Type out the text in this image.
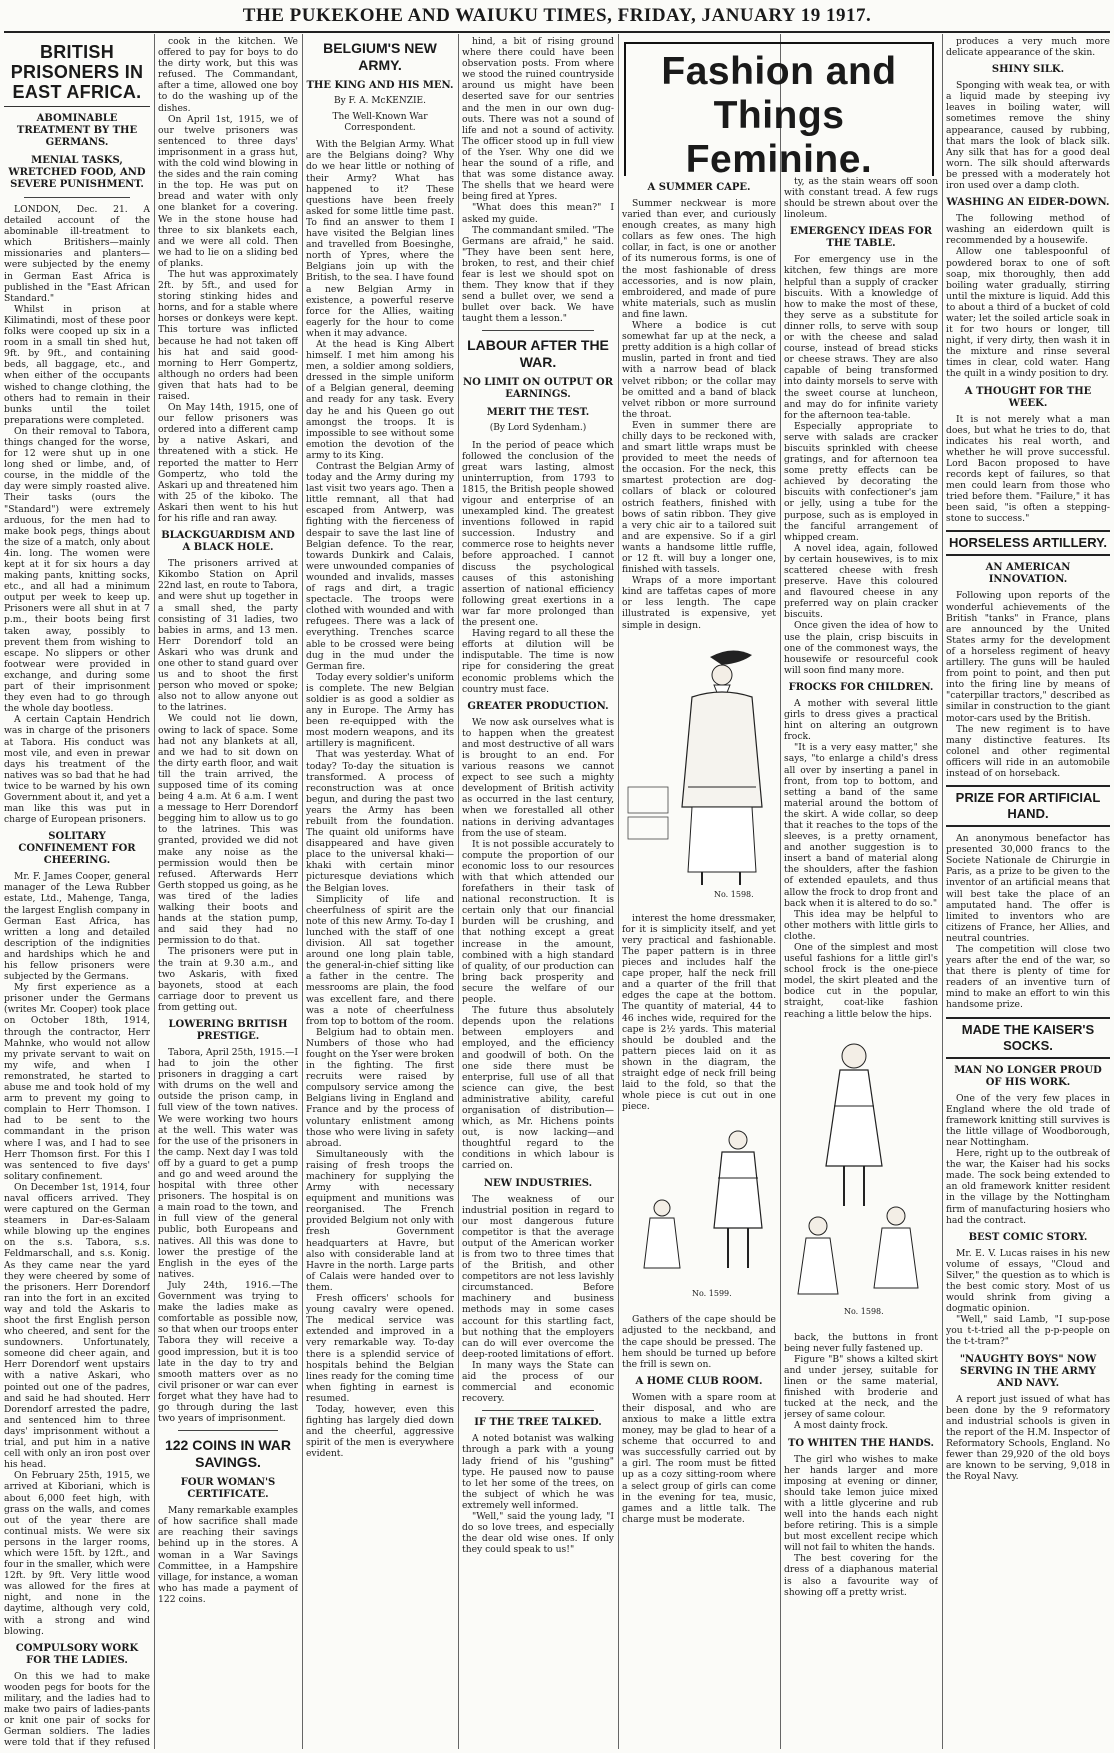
THE PUKEKOHE AND WAIUKU TIMES, FRIDAY, JANUARY 19 1917.
BRITISH PRISONERS IN EAST AFRICA.
ABOMINABLE TREATMENT BY THE GERMANS.
MENIAL TASKS, WRETCHED FOOD, AND SEVERE PUNISHMENT.

LONDON, Dec. 21. A detailed account of the abominable ill-treatment to which Britishers—mainly missionaries and planters—were subjected by the enemy in German East Africa is published in the "East African Standard."

Whilst in prison at Kilimatindi, most of these poor folks were cooped up six in a room in a small tin shed hut, 9ft. by 9ft., and containing beds, all baggage, etc., and when either of the occupants wished to change clothing, the others had to remain in their bunks until the toilet preparations were completed.

On their removal to Tabora, things changed for the worse, for 12 were shut up in one long shed or limbe, and, of course, in the middle of the day were simply roasted alive. Their tasks (ours the "Standard") were extremely arduous, for the men had to make book pegs, things about the size of a match, only about 4in. long. The women were kept at it for six hours a day making pants, knitting socks, etc., and all had a minimum output per week to keep up. Prisoners were all shut in at 7 p.m., their boots being first taken away, possibly to prevent them from wishing to escape. No slippers or other footwear were provided in exchange, and during some part of their imprisonment they even had to go through the whole day bootless.

A certain Captain Hendrich was in charge of the prisoners at Tabora. His conduct was most vile, and even in prewar days his treatment of the natives was so bad that he had twice to be warned by his own Government about it, and yet a man like this was put in charge of European prisoners.

SOLITARY CONFINEMENT FOR CHEERING.

Mr. F. James Cooper, general manager of the Lewa Rubber estate, Ltd., Mahenge, Tanga, the largest English company in German East Africa, has written a long and detailed description of the indignities and hardships which he and his fellow prisoners were subjected by the Germans.

My first experience as a prisoner under the Germans (writes Mr. Cooper) took place on October 18th, 1914, through the contractor, Herr Mahnke, who would not allow my private servant to wait on my wife, and when I remonstrated, he started to abuse me and took hold of my arm to prevent my going to complain to Herr Thomson. I had to be sent to the commandant in the prison where I was, and I had to see Herr Thomson first. For this I was sentenced to five days' solitary confinement.

On December 1st, 1914, four naval officers arrived. They were captured on the German steamers in Dar-es-Salaam while blowing up the engines on the s.s. Tabora, s.s. Feldmarschall, and s.s. Konig. As they came near the yard they were cheered by some of the prisoners. Herr Dorendorf ran into the fort in an excited way and told the Askaris to shoot the first English person who cheered, and sent for the sundowners. Unfortunately, someone did cheer again, and Herr Dorendorf went upstairs with a native Askari, who pointed out one of the padres, and said he had shouted. Herr Dorendorf arrested the padre, and sentenced him to three days' imprisonment without a trial, and put him in a native cell with only an iron post over his head.

On February 25th, 1915, we arrived at Kiboriani, which is about 6,000 feet high, with grass on the walls, and comes out of the year there are continual mists. We were six persons in the larger rooms, which were 15ft. by 12ft., and four in the smaller, which were 12ft. by 9ft. Very little wood was allowed for the fires at night, and none in the daytime, although very cold, with a strong and wind blowing.

COMPULSORY WORK FOR THE LADIES.

On this we had to make wooden pegs for boots for the military, and the ladies had to make two pairs of ladies-pants or knit one pair of socks for German soldiers. The ladies were told that if they refused

cook in the kitchen. We offered to pay for boys to do the dirty work, but this was refused. The Commandant, after a time, allowed one boy to do the washing up of the dishes.

On April 1st, 1915, we of our twelve prisoners was sentenced to three days' imprisonment in a grass hut, with the cold wind blowing in the sides and the rain coming in the top. He was put on bread and water with only one blanket for a covering. We in the stone house had three to six blankets each, and we were all cold. Then we had to lie on a sliding bed of planks.

The hut was approximately 2ft. by 5ft., and used for storing stinking hides and horns, and for a stable where horses or donkeys were kept. This torture was inflicted because he had not taken off his hat and said good-morning to Herr Gompertz, although no orders had been given that hats had to be raised.

On May 14th, 1915, one of our fellow prisoners was ordered into a different camp by a native Askari, and threatened with a stick. He reported the matter to Herr Gompertz, who told the Askari up and threatened him with 25 of the kiboko. The Askari then went to his hut for his rifle and ran away.

BLACKGUARDISM AND A BLACK HOLE.

The prisoners arrived at Kikombo Station on April 22nd last, en route to Tabora, and were shut up together in a small shed, the party consisting of 31 ladies, two babies in arms, and 13 men. Herr Dorendorf told an Askari who was drunk and one other to stand guard over us and to shoot the first person who moved or spoke; also not to allow anyone out to the latrines.

We could not lie down, owing to lack of space. Some had not any blankets at all, and we had to sit down on the dirty earth floor, and wait till the train arrived, the supposed time of its coming being 4 a.m. At 6 a.m. I went a message to Herr Dorendorf begging him to allow us to go to the latrines. This was granted, provided we did not make any noise as the permission would then be refused. Afterwards Herr Gerth stopped us going, as he was tired of the ladies walking their boots and hands at the station pump, and said they had no permission to do that.

The prisoners were put in the train at 9.30 a.m., and two Askaris, with fixed bayonets, stood at each carriage door to prevent us from getting out.

LOWERING BRITISH PRESTIGE.

Tabora, April 25th, 1915.—I had to join the other prisoners in dragging a cart with drums on the well and outside the prison camp, in full view of the town natives. We were working two hours at the well. This water was for the use of the prisoners in the camp. Next day I was told off by a guard to get a pump and go and weed around the hospital with three other prisoners. The hospital is on a main road to the town, and in full view of the general public, both Europeans and natives. All this was done to lower the prestige of the English in the eyes of the natives.

July 24th, 1916.—The Government was trying to make the ladies make as comfortable as possible now, so that when our troops enter Tabora they will receive a good impression, but it is too late in the day to try and smooth matters over as no civil prisoner or war can ever forget what they have had to go through during the last two years of imprisonment.

122 COINS IN WAR SAVINGS.
FOUR WOMAN'S CERTIFICATE.

Many remarkable examples of how sacrifice shall made are reaching their savings behind up in the stores. A woman in a War Savings Committee, in a Hampshire village, for instance, a woman who has made a payment of 122 coins.

BELGIUM'S NEW ARMY.
THE KING AND HIS MEN.
By F. A. McKENZIE.
The Well-Known War Correspondent.

With the Belgian Army. What are the Belgians doing? Why do we hear little or nothing of their Army? What has happened to it? These questions have been freely asked for some little time past. To find an answer to them I have visited the Belgian lines and travelled from Boesinghe, north of Ypres, where the Belgians join up with the British, to the sea. I have found a new Belgian Army in existence, a powerful reserve force for the Allies, waiting eagerly for the hour to come when it may advance.

At the head is King Albert himself. I met him among his men, a soldier among soldiers, dressed in the simple uniform of a Belgian general, deeming and ready for any task. Every day he and his Queen go out amongst the troops. It is impossible to see without some emotion the devotion of the army to its King.

Contrast the Belgian Army of today and the Army during my last visit two years ago. Then a little remnant, all that had escaped from Antwerp, was fighting with the fierceness of despair to save the last line of Belgian defence. To the rear, towards Dunkirk and Calais, were unwounded companies of wounded and invalids, masses of rags and dirt, a tragic spectacle. The troops were clothed with wounded and with refugees. There was a lack of everything. Trenches scarce able to be crossed were being dug in the mud under the German fire.

Today every soldier's uniform is complete. The new Belgian soldier is as good a soldier as any in Europe. The Army has been re-equipped with the most modern weapons, and its artillery is magnificent.

That was yesterday. What of today? To-day the situation is transformed. A process of reconstruction was at once begun, and during the past two years the Army has been rebuilt from the foundation. The quaint old uniforms have disappeared and have given place to the universal khaki—khaki with certain minor picturesque deviations which the Belgian loves.

Simplicity of life and cheerfulness of spirit are the note of this new Army. To-day I lunched with the staff of one division. All sat together around one long plain table, the general-in-chief sitting like a father in the centre. The messrooms are plain, the food was excellent fare, and there was a note of cheerfulness from top to bottom of the room.

Belgium had to obtain men. Numbers of those who had fought on the Yser were broken in the fighting. The first recruits were raised by compulsory service among the Belgians living in England and France and by the process of voluntary enlistment among those who were living in safety abroad.

Simultaneously with the raising of fresh troops the machinery for supplying the Army with necessary equipment and munitions was reorganised. The French provided Belgium not only with fresh Government headquarters at Havre, but also with considerable land at Havre in the north. Large parts of Calais were handed over to them.

Fresh officers' schools for young cavalry were opened. The medical service was extended and improved in a very remarkable way. To-day there is a splendid service of hospitals behind the Belgian lines ready for the coming time when fighting in earnest is resumed.

Today, however, even this fighting has largely died down and the cheerful, aggressive spirit of the men is everywhere evident.

hind, a bit of rising ground where there could have been observation posts. From where we stood the ruined countryside around us might have been deserted save for our sentries and the men in our own dug-outs. There was not a sound of life and not a sound of activity. The officer stood up in full view of the Yser. Why one did we hear the sound of a rifle, and that was some distance away. The shells that we heard were being fired at Ypres.

"What does this mean?" I asked my guide.

The commandant smiled. "The Germans are afraid," he said. "They have been sent here, broken, to rest, and their chief fear is lest we should spot on them. They know that if they send a bullet over, we send a bullet over back. We have taught them a lesson."

LABOUR AFTER THE WAR.
NO LIMIT ON OUTPUT OR EARNINGS.
MERIT THE TEST.
(By Lord Sydenham.)

In the period of peace which followed the conclusion of the great wars lasting, almost uninterruption, from 1793 to 1815, the British people showed vigour and enterprise of an unexampled kind. The greatest inventions followed in rapid succession. Industry and commerce rose to heights never before approached. I cannot discuss the psychological causes of this astonishing assertion of national efficiency following great exertions in a war far more prolonged than the present one.

Having regard to all these the efforts at dilution will be indisputable. The time is now ripe for considering the great economic problems which the country must face.

GREATER PRODUCTION.

We now ask ourselves what is to happen when the greatest and most destructive of all wars is brought to an end. For various reasons we cannot expect to see such a mighty development of British activity as occurred in the last century, when we forestalled all other nations in deriving advantages from the use of steam.

It is not possible accurately to compute the proportion of our economic loss to our resources with that which attended our forefathers in their task of national reconstruction. It is certain only that our financial burden will be crushing, and that nothing except a great increase in the amount, combined with a high standard of quality, of our production can bring back prosperity and secure the welfare of our people.

The future thus absolutely depends upon the relations between employers and employed, and the efficiency and goodwill of both. On the one side there must be enterprise, full use of all that science can give, the best administrative ability, careful organisation of distribution—which, as Mr. Hichens points out, is now lacking—and thoughtful regard to the conditions in which labour is carried on.

NEW INDUSTRIES.

The weakness of our industrial position in regard to our most dangerous future competitor is that the average output of the American worker is from two to three times that of the British, and other competitors are not less lavishly circumstanced. Before machinery and business methods may in some cases account for this startling fact, but nothing that the employers can do will ever overcome the deep-rooted limitations of effort.

In many ways the State can aid the process of our commercial and economic recovery.

IF THE TREE TALKED.

A noted botanist was walking through a park with a young lady friend of his "gushing" type. He paused now to pause to let her some of the trees, on the subject of which he was extremely well informed.

"Well," said the young lady, "I do so love trees, and especially the dear old wise ones. If only they could speak to us!"

Fashion and Things
Feminine.
A SUMMER CAPE.

Summer neckwear is more varied than ever, and curiously enough creates, as many high collars as few ones. The high collar, in fact, is one or another of its numerous forms, is one of the most fashionable of dress accessories, and is now plain, embroidered, and made of pure white materials, such as muslin and fine lawn.

Where a bodice is cut somewhat far up at the neck, a pretty addition is a high collar of muslin, parted in front and tied with a narrow bead of black velvet ribbon; or the collar may be omitted and a band of black velvet ribbon or more surround the throat.

Even in summer there are chilly days to be reckoned with, and smart little wraps must be provided to meet the needs of the occasion. For the neck, this smartest protection are dog-collars of black or coloured ostrich feathers, finished with bows of satin ribbon. They give a very chic air to a tailored suit and are expensive. So if a girl wants a handsome little ruffle, or 12 ft. will buy a longer one, finished with tassels.

Wraps of a more important kind are taffetas capes of more or less length. The cape illustrated is expensive, yet simple in design.

No. 1598.

interest the home dressmaker, for it is simplicity itself, and yet very practical and fashionable. The paper pattern is in three pieces and includes half the cape proper, half the neck frill and a quarter of the frill that edges the cape at the bottom. The quantity of material, 44 to 46 inches wide, required for the cape is 2½ yards. This material should be doubled and the pattern pieces laid on it as shown in the diagram, the straight edge of neck frill being laid to the fold, so that the whole piece is cut out in one piece.

No. 1599.

Gathers of the cape should be adjusted to the neckband, and the cape should be pressed. The hem should be turned up before the frill is sewn on.

A HOME CLUB ROOM.

Women with a spare room at their disposal, and who are anxious to make a little extra money, may be glad to hear of a scheme that occurred to and was successfully carried out by a girl. The room must be fitted up as a cozy sitting-room where a select group of girls can come in the evening for tea, music, games and a little talk. The charge must be moderate.

ty, as the stain wears off soon with constant tread. A few rugs should be strewn about over the linoleum.

EMERGENCY IDEAS FOR THE TABLE.

For emergency use in the kitchen, few things are more helpful than a supply of cracker biscuits. With a knowledge of how to make the most of these, they serve as a substitute for dinner rolls, to serve with soup or with the cheese and salad course, instead of bread sticks or cheese straws. They are also capable of being transformed into dainty morsels to serve with the sweet course at luncheon, and may do for infinite variety for the afternoon tea-table.

Especially appropriate to serve with salads are cracker biscuits sprinkled with cheese gratings, and for afternoon tea some pretty effects can be achieved by decorating the biscuits with confectioner's jam or jelly, using a tube for the purpose, such as is employed in the fanciful arrangement of whipped cream.

A novel idea, again, followed by certain housewives, is to mix scattered cheese with fresh preserve. Have this coloured and flavoured cheese in any preferred way on plain cracker biscuits.

Once given the idea of how to use the plain, crisp biscuits in one of the commonest ways, the housewife or resourceful cook will soon find many more.

FROCKS FOR CHILDREN.

A mother with several little girls to dress gives a practical hint on altering an outgrown frock.

"It is a very easy matter," she says, "to enlarge a child's dress all over by inserting a panel in front, from top to bottom, and setting a band of the same material around the bottom of the skirt. A wide collar, so deep that it reaches to the tops of the sleeves, is a pretty ornament, and another suggestion is to insert a band of material along the shoulders, after the fashion of extended epaulets, and thus allow the frock to drop front and back when it is altered to do so."

This idea may be helpful to other mothers with little girls to clothe.

One of the simplest and most useful fashions for a little girl's school frock is the one-piece model, the skirt pleated and the bodice cut in the popular, straight, coat-like fashion reaching a little below the hips.

No. 1598.

back, the buttons in front being never fully fastened up.

Figure "B" shows a kilted skirt and under jersey, suitable for linen or the same material, finished with broderie and tucked at the neck, and the jersey of same colour.

A most dainty frock.

TO WHITEN THE HANDS.

The girl who wishes to make her hands larger and more imposing at evening or dinner, should take lemon juice mixed with a little glycerine and rub well into the hands each night before retiring. This is a simple but most excellent recipe which will not fail to whiten the hands.

The best covering for the dress of a diaphanous material is also a favourite way of showing off a pretty wrist.

produces a very much more delicate appearance of the skin.

SHINY SILK.

Sponging with weak tea, or with a liquid made by steeping ivy leaves in boiling water, will sometimes remove the shiny appearance, caused by rubbing, that mars the look of black silk. Any silk that has for a good deal worn. The silk should afterwards be pressed with a moderately hot iron used over a damp cloth.

WASHING AN EIDER-DOWN.

The following method of washing an eiderdown quilt is recommended by a housewife.

Allow one tablespoonful of powdered borax to one of soft soap, mix thoroughly, then add boiling water gradually, stirring until the mixture is liquid. Add this to about a third of a bucket of cold water; let the soiled article soak in it for two hours or longer, till night, if very dirty, then wash it in the mixture and rinse several times in clear, cold water. Hang the quilt in a windy position to dry.

A THOUGHT FOR THE WEEK.

It is not merely what a man does, but what he tries to do, that indicates his real worth, and whether he will prove successful. Lord Bacon proposed to have records kept of failures, so that men could learn from those who tried before them. "Failure," it has been said, "is often a stepping-stone to success."

HORSELESS ARTILLERY.
AN AMERICAN INNOVATION.

Following upon reports of the wonderful achievements of the British "tanks" in France, plans are announced by the United States army for the development of a horseless regiment of heavy artillery. The guns will be hauled from point to point, and then put into the firing line by means of "caterpillar tractors," described as similar in construction to the giant motor-cars used by the British.

The new regiment is to have many distinctive features. Its colonel and other regimental officers will ride in an automobile instead of on horseback.

PRIZE FOR ARTIFICIAL HAND.

An anonymous benefactor has presented 30,000 francs to the Societe Nationale de Chirurgie in Paris, as a prize to be given to the inventor of an artificial means that will best take the place of an amputated hand. The offer is limited to inventors who are citizens of France, her Allies, and neutral countries.

The competition will close two years after the end of the war, so that there is plenty of time for readers of an inventive turn of mind to make an effort to win this handsome prize.

MADE THE KAISER'S SOCKS.
MAN NO LONGER PROUD OF HIS WORK.

One of the very few places in England where the old trade of framework knitting still survives is the little village of Woodborough, near Nottingham.

Here, right up to the outbreak of the war, the Kaiser had his socks made. The sock being extended to an old framework knitter resident in the village by the Nottingham firm of manufacturing hosiers who had the contract.

BEST COMIC STORY.

Mr. E. V. Lucas raises in his new volume of essays, "Cloud and Silver," the question as to which is the best comic story. Most of us would shrink from giving a dogmatic opinion.

"Well," said Lamb, "I sup-pose you t-t-tried all the p-p-people on the t-t-tram?"

"NAUGHTY BOYS" NOW SERVING IN THE ARMY AND NAVY.

A report just issued of what has been done by the 9 reformatory and industrial schools is given in the report of the H.M. Inspector of Reformatory Schools, England. No fewer than 29,920 of the old boys are known to be serving, 9,018 in the Royal Navy.
